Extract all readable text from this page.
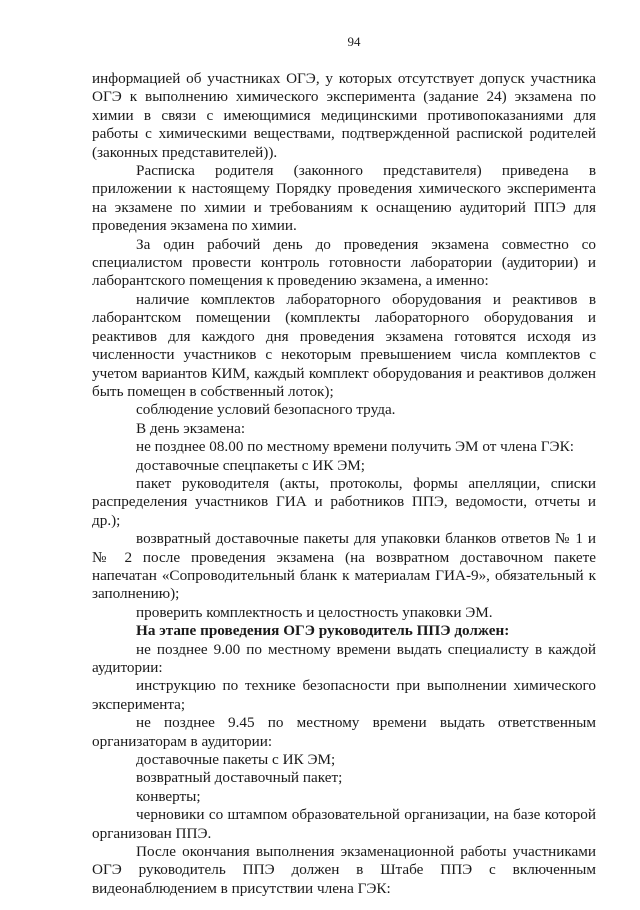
94

информацией об участниках ОГЭ, у которых отсутствует допуск участника ОГЭ к выполнению химического эксперимента (задание 24) экзамена по химии в связи с имеющимися медицинскими противопоказаниями для работы с химическими веществами, подтвержденной распиской родителей (законных представителей)).

Расписка родителя (законного представителя) приведена в приложении к настоящему Порядку проведения химического эксперимента на экзамене по химии и требованиям к оснащению аудиторий ППЭ для проведения экзамена по химии.

За один рабочий день до проведения экзамена совместно со специалистом провести контроль готовности лаборатории (аудитории) и лаборантского помещения к проведению экзамена, а именно:

наличие комплектов лабораторного оборудования и реактивов в лаборантском помещении (комплекты лабораторного оборудования и реактивов для каждого дня проведения экзамена готовятся исходя из численности участников с некоторым превышением числа комплектов с учетом вариантов КИМ, каждый комплект оборудования и реактивов должен быть помещен в собственный лоток);

соблюдение условий безопасного труда.

В день экзамена:

не позднее 08.00 по местному времени получить ЭМ от члена ГЭК:

доставочные спецпакеты с ИК ЭМ;

пакет руководителя (акты, протоколы, формы апелляции, списки распределения участников ГИА и работников ППЭ, ведомости, отчеты и др.);

возвратный доставочные пакеты для упаковки бланков ответов № 1 и № 2 после проведения экзамена (на возвратном доставочном пакете напечатан «Сопроводительный бланк к материалам ГИА-9», обязательный к заполнению);

проверить комплектность и целостность упаковки ЭМ.

На этапе проведения ОГЭ руководитель ППЭ должен:

не позднее 9.00 по местному времени выдать специалисту в каждой аудитории:

инструкцию по технике безопасности при выполнении химического эксперимента;

не позднее 9.45 по местному времени выдать ответственным организаторам в аудитории:

доставочные пакеты с ИК ЭМ;

возвратный доставочный пакет;

конверты;

черновики со штампом образовательной организации, на базе которой организован ППЭ.

После окончания выполнения экзаменационной работы участниками ОГЭ руководитель ППЭ должен в Штабе ППЭ с включенным видеонаблюдением в присутствии члена ГЭК:
